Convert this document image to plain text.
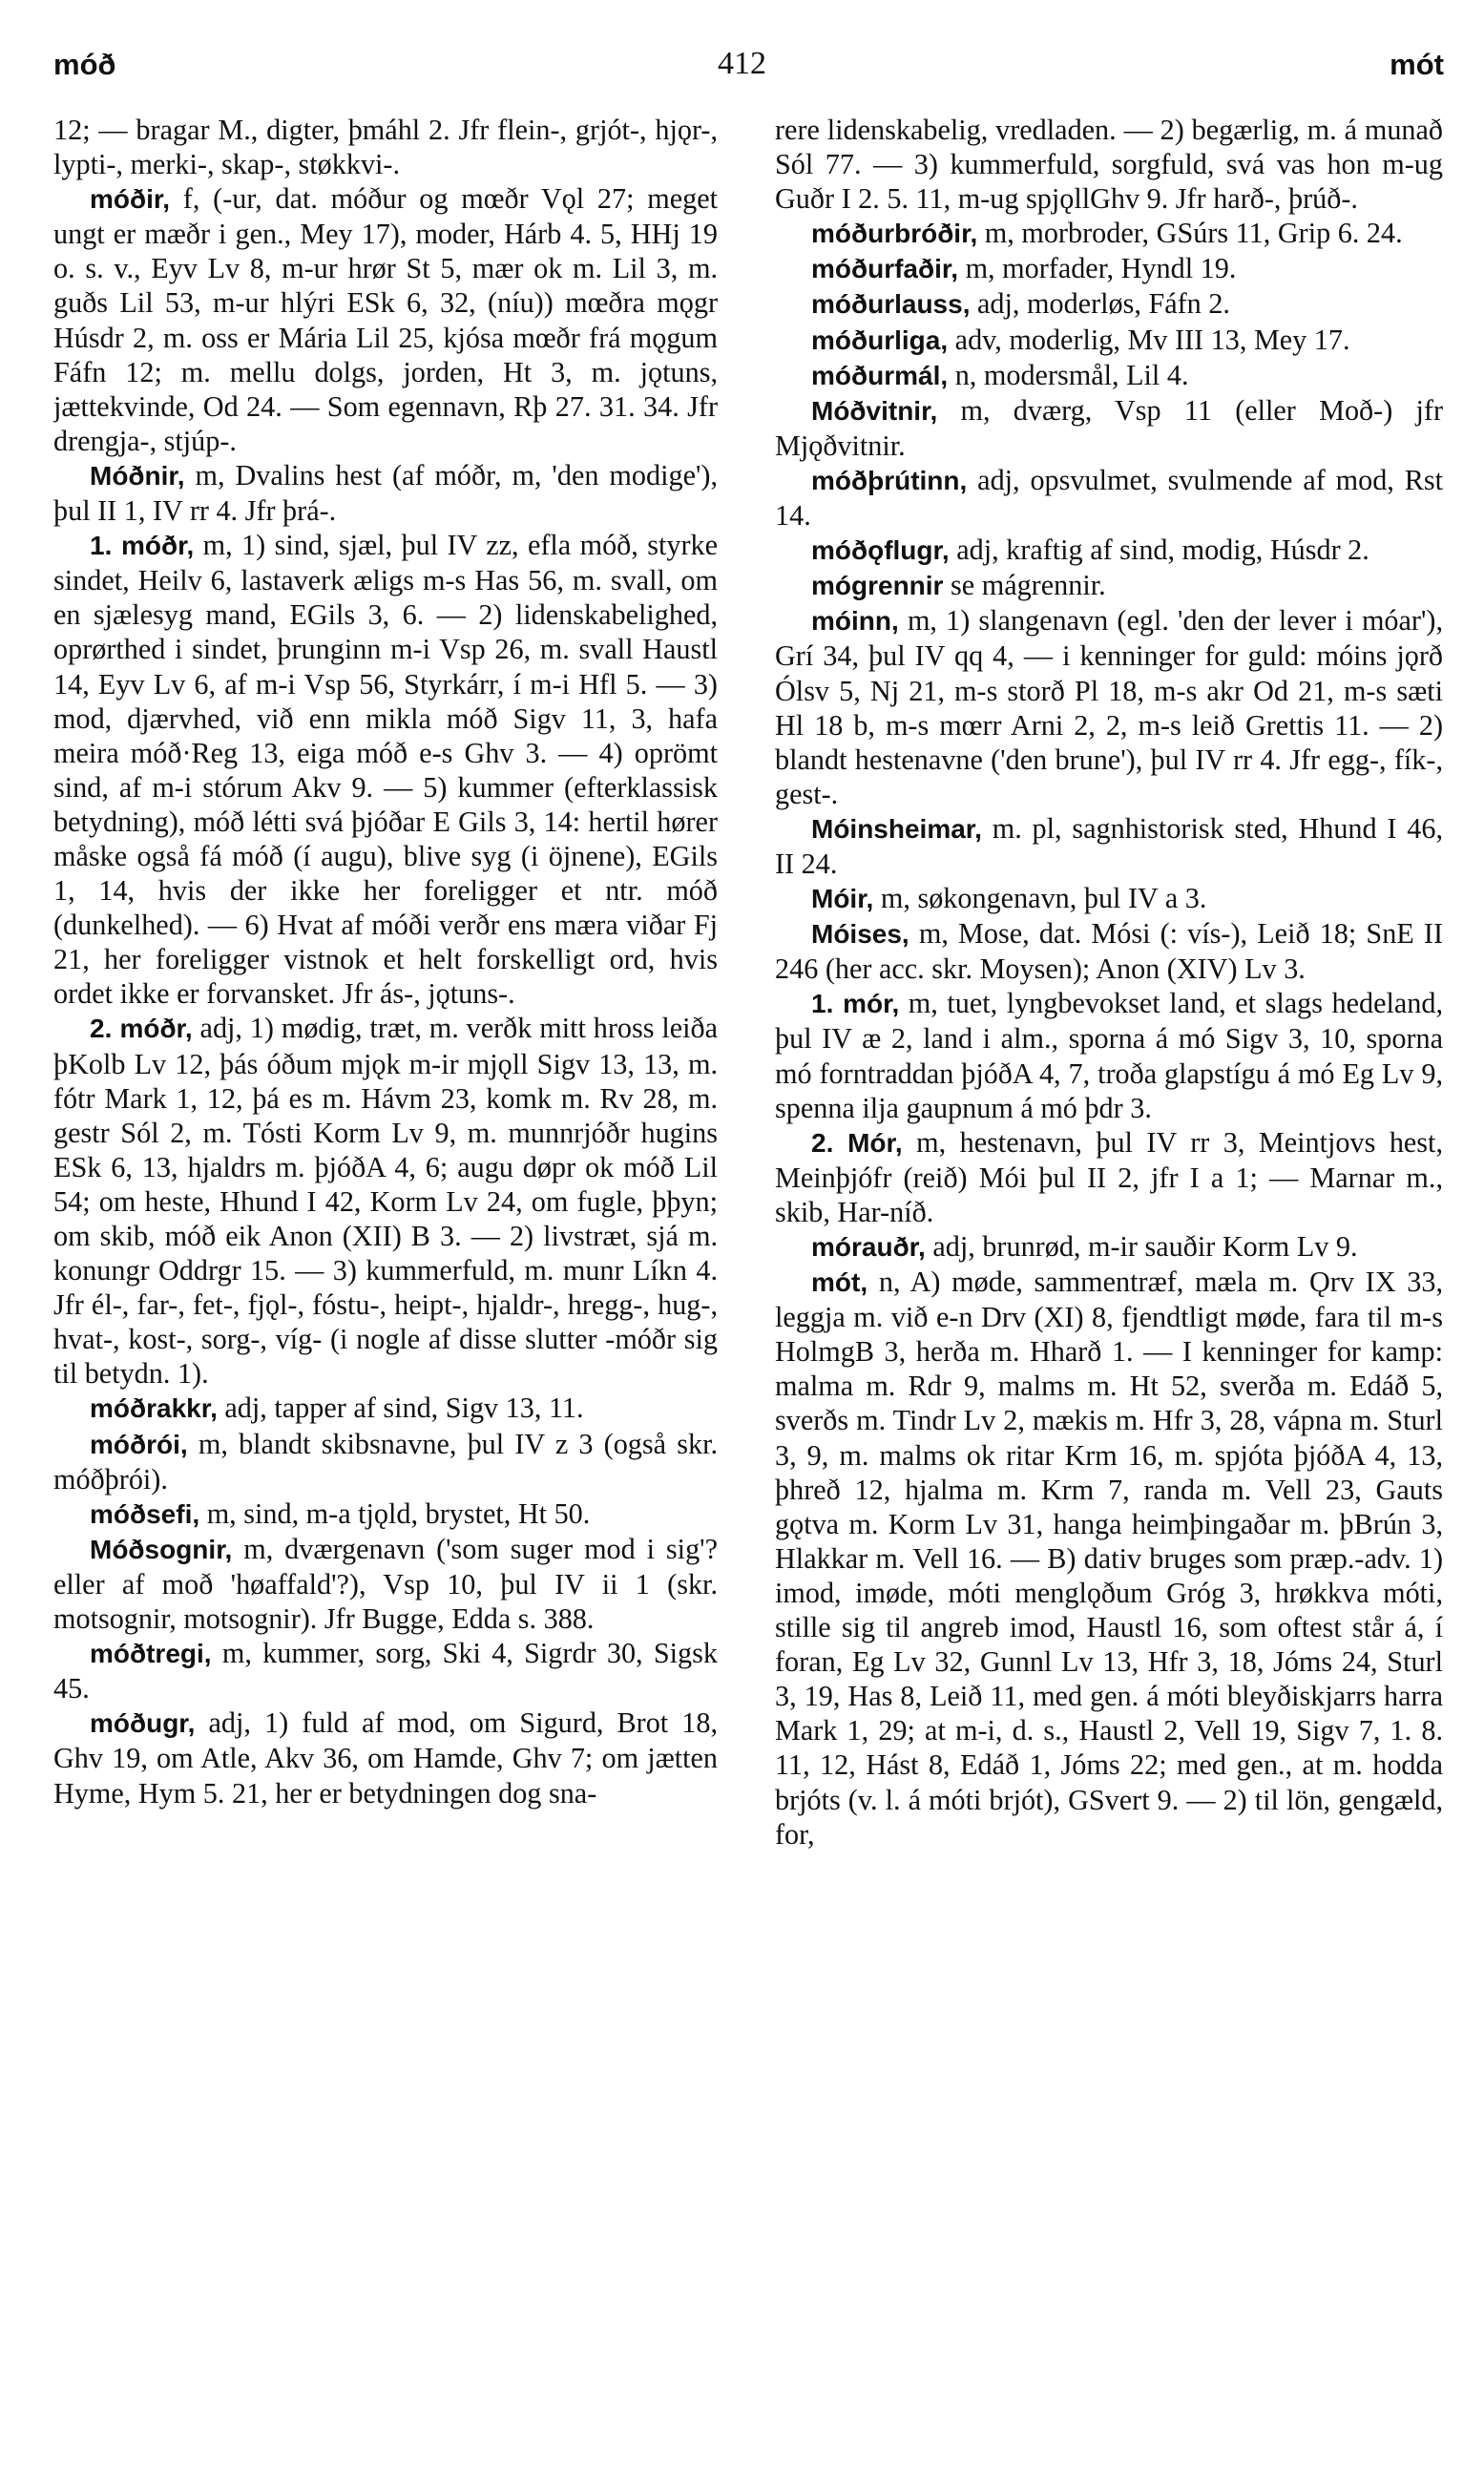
móð	412	mót

12; — bragar M., digter, þmáhl 2. Jfr flein-, grjót-, hjǫr-, lypti-, merki-, skap-, støkkvi-.

móðir, f, (-ur, dat. móður og mœðr Vǫl 27; meget ungt er mæðr i gen., Mey 17), moder, Hárb 4. 5, HHj 19 o. s. v., Eyv Lv 8, m-ur hrør St 5, mær ok m. Lil 3, m. guðs Lil 53, m-ur hlýri ESk 6, 32, (níu)) mœðra mǫgr Húsdr 2, m. oss er Mária Lil 25, kjósa mœðr frá mǫgum Fáfn 12; m. mellu dolgs, jorden, Ht 3, m. jǫtuns, jættekvinde, Od 24. — Som egennavn, Rþ 27. 31. 34. Jfr drengja-, stjúp-.

Móðnir, m, Dvalins hest (af móðr, m, 'den modige'), þul II 1, IV rr 4. Jfr þrá-.

1. móðr, m, 1) sind, sjæl, þul IV zz, efla móð, styrke sindet, Heilv 6, lastaverk æligs m-s Has 56, m. svall, om en sjælesyg mand, EGils 3, 6. — 2) lidenskabelighed, oprørthed i sindet, þrunginn m-i Vsp 26, m. svall Haustl 14, Eyv Lv 6, af m-i Vsp 56, Styrkárr, í m-i Hfl 5. — 3) mod, djærvhed, við enn mikla móð Sigv 11, 3, hafa meira móð·Reg 13, eiga móð e-s Ghv 3. — 4) oprömt sind, af m-i stórum Akv 9. — 5) kummer (efterklassisk betydning), móð létti svá þjóðar E Gils 3, 14: hertil hører måske også fá móð (í augu), blive syg (i öjnene), EGils 1, 14, hvis der ikke her foreligger et ntr. móð (dunkelhed). — 6) Hvat af móði verðr ens mæra viðar Fj 21, her foreligger vistnok et helt forskelligt ord, hvis ordet ikke er forvansket. Jfr ás-, jǫtuns-.

2. móðr, adj, 1) mødig, træt, m. verðk mitt hross leiða þKolb Lv 12, þás óðum mjǫk m-ir mjǫll Sigv 13, 13, m. fótr Mark 1, 12, þá es m. Hávm 23, komk m. Rv 28, m. gestr Sól 2, m. Tósti Korm Lv 9, m. munnrjóðr hugins ESk 6, 13, hjaldrs m. þjóðA 4, 6; augu døpr ok móð Lil 54; om heste, Hhund I 42, Korm Lv 24, om fugle, þþyn; om skib, móð eik Anon (XII) B 3. — 2) livstræt, sjá m. konungr Oddrgr 15. — 3) kummerfuld, m. munr Líkn 4. Jfr él-, far-, fet-, fjǫl-, fóstu-, heipt-, hjaldr-, hregg-, hug-, hvat-, kost-, sorg-, víg- (i nogle af disse slutter -móðr sig til betydn. 1).

móðrakkr, adj, tapper af sind, Sigv 13, 11.

móðrói, m, blandt skibsnavne, þul IV z 3 (også skr. móðþrói).

móðsefi, m, sind, m-a tjǫld, brystet, Ht 50.

Móðsognir, m, dværgenavn ('som suger mod i sig'? eller af moð 'høaffald'?), Vsp 10, þul IV ii 1 (skr. motsognir, motsognir). Jfr Bugge, Edda s. 388.

móðtregi, m, kummer, sorg, Ski 4, Sigrdr 30, Sigsk 45.

móðugr, adj, 1) fuld af mod, om Sigurd, Brot 18, Ghv 19, om Atle, Akv 36, om Hamde, Ghv 7; om jætten Hyme, Hym 5. 21, her er betydningen dog sna-

rere lidenskabelig, vredladen. — 2) begærlig, m. á munað Sól 77. — 3) kummerfuld, sorgfuld, svá vas hon m-ug Guðr I 2. 5. 11, m-ug spjǫllGhv 9. Jfr harð-, þrúð-.

móðurbróðir, m, morbroder, GSúrs 11, Grip 6. 24.

móðurfaðir, m, morfader, Hyndl 19.

móðurlauss, adj, moderløs, Fáfn 2.

móðurliga, adv, moderlig, Mv III 13, Mey 17.

móðurmál, n, modersmål, Lil 4.

Móðvitnir, m, dværg, Vsp 11 (eller Moð-) jfr Mjǫðvitnir.

móðþrútinn, adj, opsvulmet, svulmende af mod, Rst 14.

móðǫflugr, adj, kraftig af sind, modig, Húsdr 2.

mógrennir se mágrennir.

móinn, m, 1) slangenavn (egl. 'den der lever i móar'), Grí 34, þul IV qq 4, — i kenninger for guld: móins jǫrð Ólsv 5, Nj 21, m-s storð Pl 18, m-s akr Od 21, m-s sæti Hl 18 b, m-s mœrr Arni 2, 2, m-s leið Grettis 11. — 2) blandt hestenavne ('den brune'), þul IV rr 4. Jfr egg-, fík-, gest-.

Móinsheimar, m. pl, sagnhistorisk sted, Hhund I 46, II 24.

Móir, m, søkongenavn, þul IV a 3.

Móises, m, Mose, dat. Mósi (: vís-), Leið 18; SnE II 246 (her acc. skr. Moysen); Anon (XIV) Lv 3.

1. mór, m, tuet, lyngbevokset land, et slags hedeland, þul IV æ 2, land i alm., sporna á mó Sigv 3, 10, sporna mó forntraddan þjóðA 4, 7, troða glapstígu á mó Eg Lv 9, spenna ilja gaupnum á mó þdr 3.

2. Mór, m, hestenavn, þul IV rr 3, Meintjovs hest, Meinþjófr (reið) Mói þul II 2, jfr I a 1; — Marnar m., skib, Har-níð.

mórauðr, adj, brunrød, m-ir sauðir Korm Lv 9.

mót, n, A) møde, sammentræf, mæla m. Ǫrv IX 33, leggja m. við e-n Drv (XI) 8, fjendtligt møde, fara til m-s HolmgB 3, herða m. Hharð 1. — I kenninger for kamp: malma m. Rdr 9, malms m. Ht 52, sverða m. Edáð 5, sverðs m. Tindr Lv 2, mækis m. Hfr 3, 28, vápna m. Sturl 3, 9, m. malms ok ritar Krm 16, m. spjóta þjóðA 4, 13, þhreð 12, hjalma m. Krm 7, randa m. Vell 23, Gauts gǫtva m. Korm Lv 31, hanga heimþingaðar m. þBrún 3, Hlakkar m. Vell 16. — B) dativ bruges som præp.-adv. 1) imod, imøde, móti menglǫðum Gróg 3, hrøkkva móti, stille sig til angreb imod, Haustl 16, som oftest står á, í foran, Eg Lv 32, Gunnl Lv 13, Hfr 3, 18, Jóms 24, Sturl 3, 19, Has 8, Leið 11, med gen. á móti bleyðiskjarrs harra Mark 1, 29; at m-i, d. s., Haustl 2, Vell 19, Sigv 7, 1. 8. 11, 12, Hást 8, Edáð 1, Jóms 22; med gen., at m. hodda brjóts (v. l. á móti brjót), GSvert 9. — 2) til lön, gengæld, for,
